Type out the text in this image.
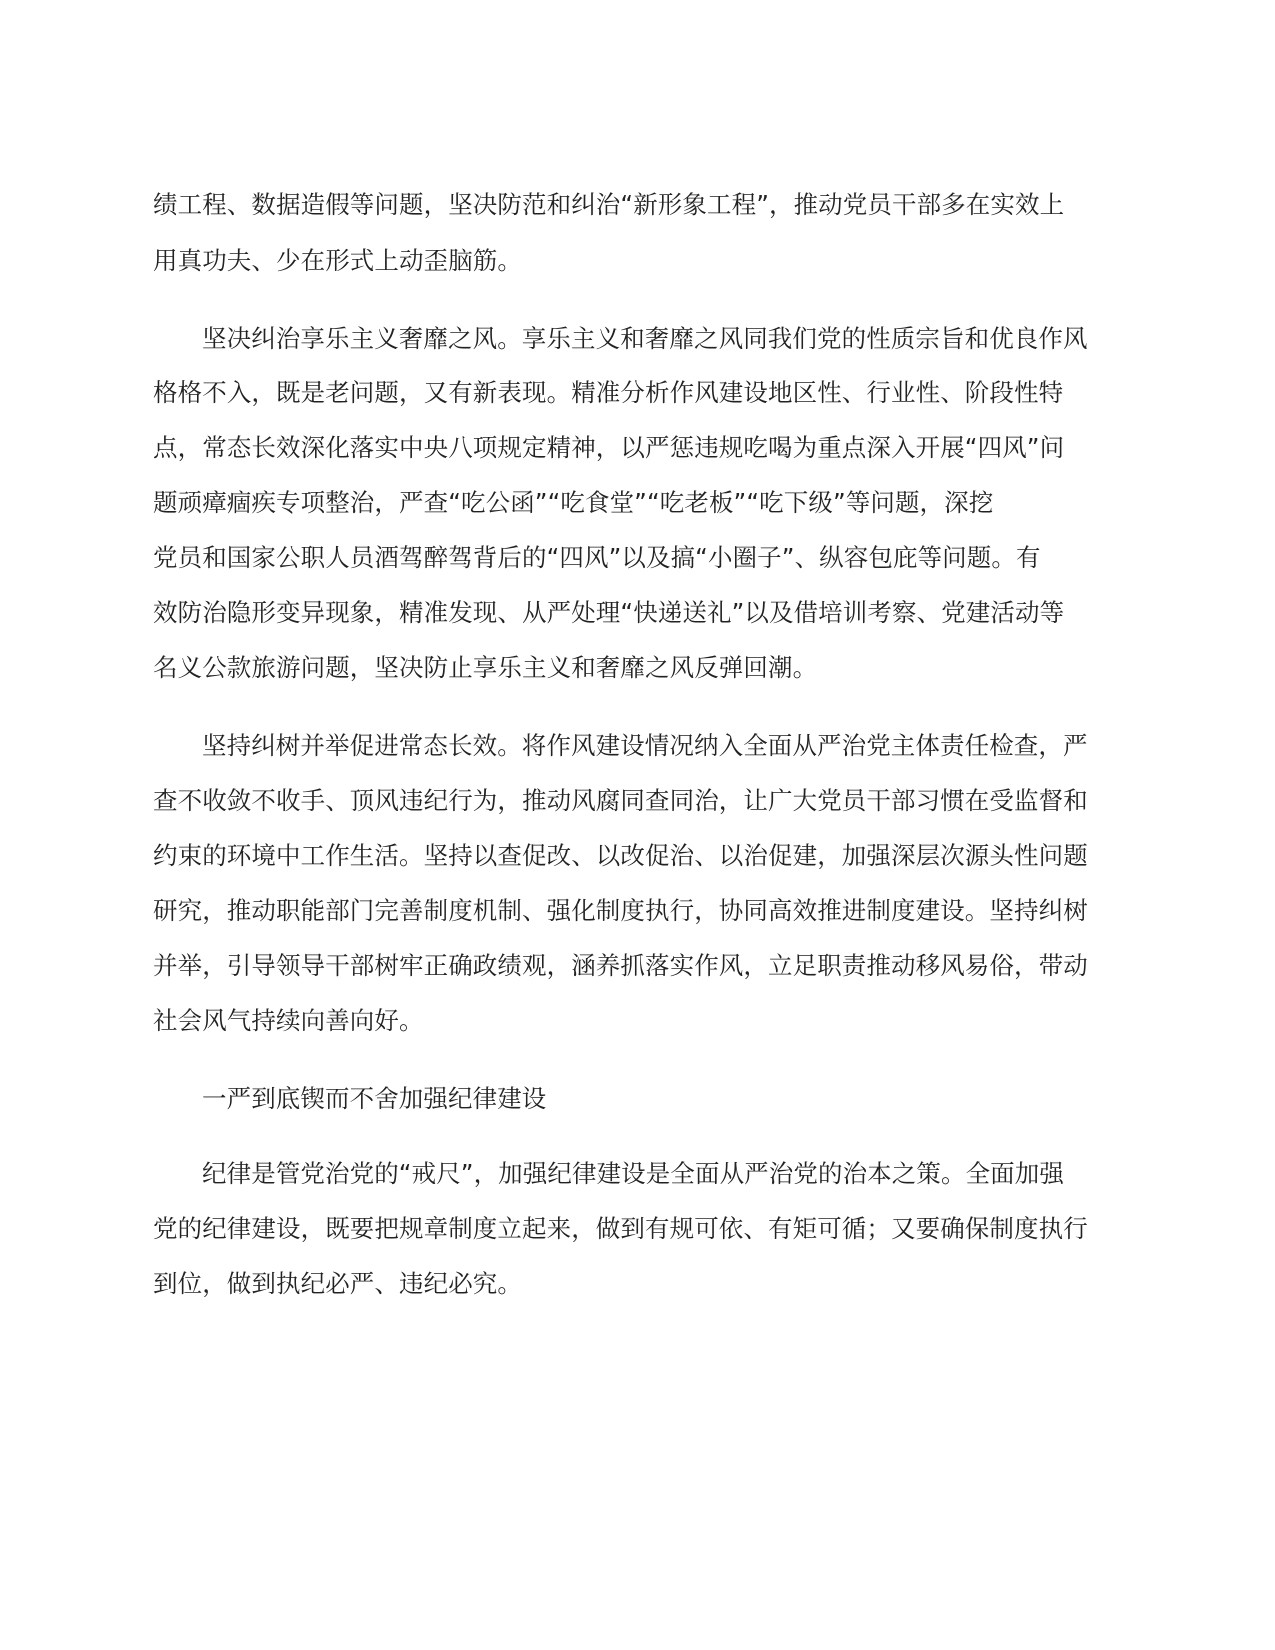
绩工程、数据造假等问题，坚决防范和纠治“新形象工程”，推动党员干部多在实效上
用真功夫、少在形式上动歪脑筋。
坚决纠治享乐主义奢靡之风。享乐主义和奢靡之风同我们党的性质宗旨和优良作风
格格不入，既是老问题，又有新表现。精准分析作风建设地区性、行业性、阶段性特
点，常态长效深化落实中央八项规定精神，以严惩违规吃喝为重点深入开展“四风”问
题顽瘴痼疾专项整治，严查“吃公函”“吃食堂”“吃老板”“吃下级”等问题，深挖
党员和国家公职人员酒驾醉驾背后的“四风”以及搞“小圈子”、纵容包庇等问题。有
效防治隐形变异现象，精准发现、从严处理“快递送礼”以及借培训考察、党建活动等
名义公款旅游问题，坚决防止享乐主义和奢靡之风反弹回潮。
坚持纠树并举促进常态长效。将作风建设情况纳入全面从严治党主体责任检查，严
查不收敛不收手、顶风违纪行为，推动风腐同查同治，让广大党员干部习惯在受监督和
约束的环境中工作生活。坚持以查促改、以改促治、以治促建，加强深层次源头性问题
研究，推动职能部门完善制度机制、强化制度执行，协同高效推进制度建设。坚持纠树
并举，引导领导干部树牢正确政绩观，涵养抓落实作风，立足职责推动移风易俗，带动
社会风气持续向善向好。
一严到底锲而不舍加强纪律建设
纪律是管党治党的“戒尺”，加强纪律建设是全面从严治党的治本之策。全面加强
党的纪律建设，既要把规章制度立起来，做到有规可依、有矩可循；又要确保制度执行
到位，做到执纪必严、违纪必究。
